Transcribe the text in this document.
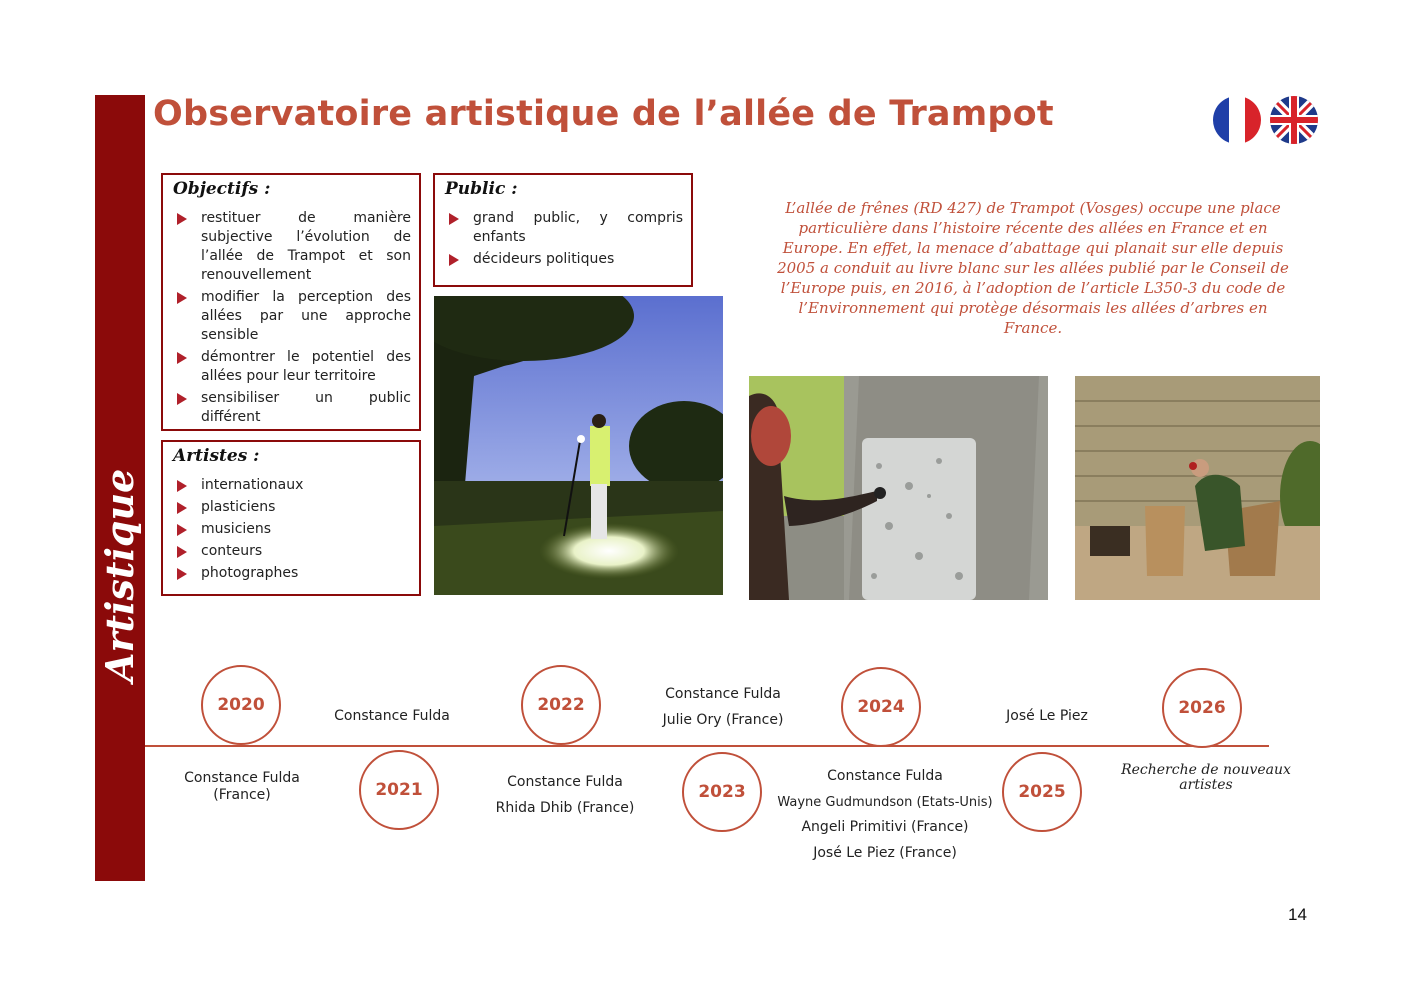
Artistique
Observatoire artistique de l’allée de Trampot
Objectifs :
restituer de manière subjective l’évolution de l’allée de Trampot et son renouvellement
modifier la perception des allées par une approche sensible
démontrer le potentiel des allées pour leur territoire
sensibiliser un public différent
Public :
grand public, y compris enfants
décideurs politiques
Artistes :
internationaux
plasticiens
musiciens
conteurs
photographes
L’allée de frênes (RD 427) de Trampot (Vosges) occupe une place particulière dans l’histoire récente des allées en France et en Europe. En effet, la menace d’abattage qui planait sur elle depuis 2005 a conduit au livre blanc sur les allées publié par le Conseil de l’Europe puis, en 2016, à l’adoption de l’article L350-3 du code de l’Environnement qui protège désormais les allées d’arbres en France.
2020
2021
2022
2023
2024
2025
2026
Constance Fulda
(France)
Constance Fulda
Constance Fulda
Rhida Dhib (France)
Constance Fulda
Julie Ory (France)
Constance Fulda
Wayne Gudmundson (Etats-Unis)
Angeli Primitivi (France)
José Le Piez (France)
José Le Piez
Recherche de nouveaux
artistes
14
